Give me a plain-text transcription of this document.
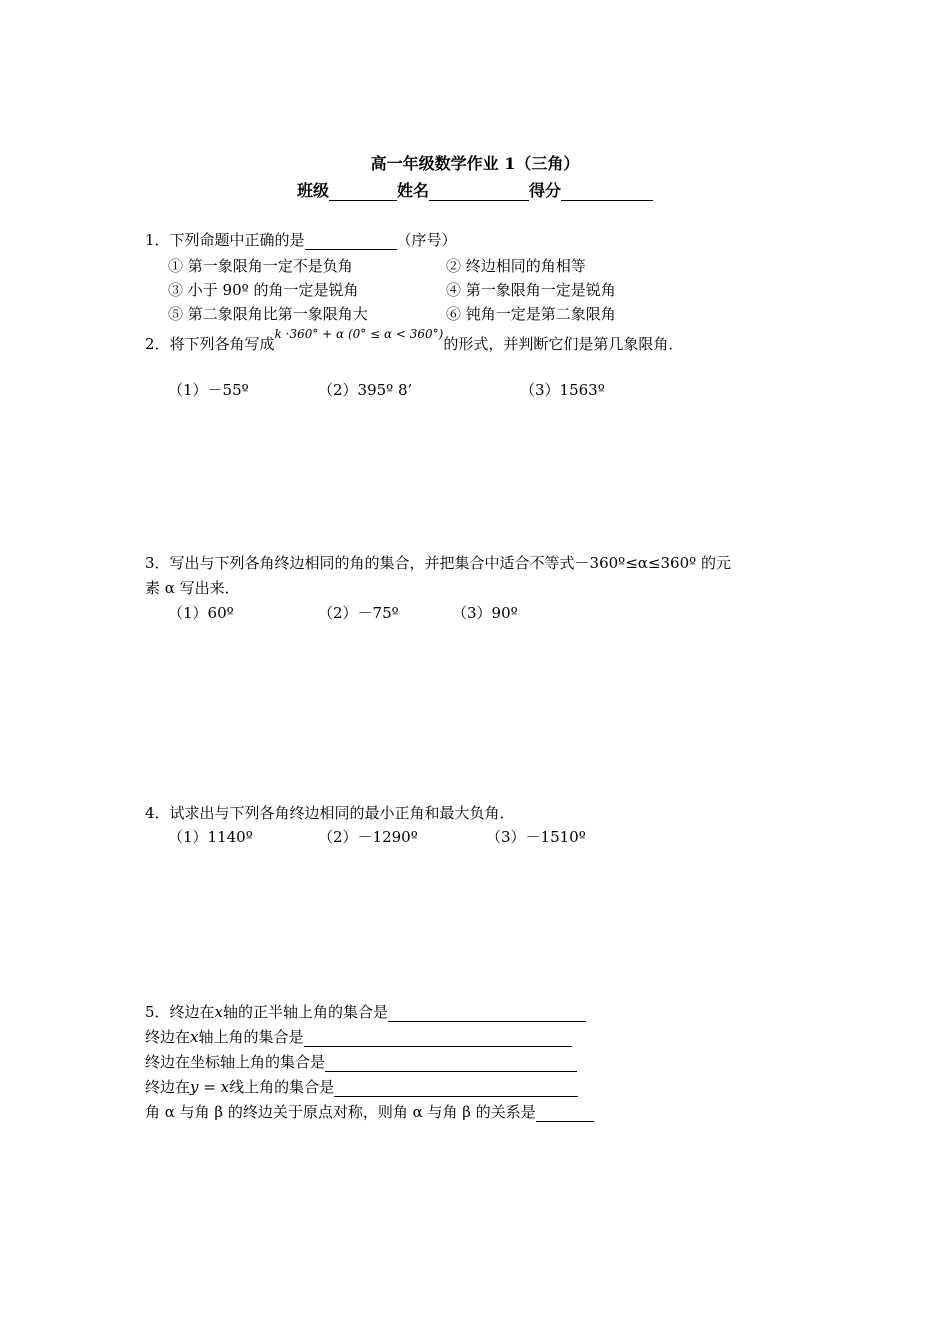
高一年级数学作业 1（三角）
班级	姓名	得分
1．下列命题中正确的是	（序号）
① 第一象限角一定不是负角	② 终边相同的角相等
③ 小于 90º 的角一定是锐角	④ 第一象限角一定是锐角
⑤ 第二象限角比第一象限角大	⑥ 钝角一定是第二象限角
2．将下列各角写成k ·360° + α (0° ≤ α < 360°)的形式，并判断它们是第几象限角．
（1）－55º	（2）395º 8’	（3）1563º
3．写出与下列各角终边相同的角的集合，并把集合中适合不等式－360º≤α≤360º 的元
素 α 写出来．
（1）60º	（2）－75º	（3）90º
4．试求出与下列各角终边相同的最小正角和最大负角．
（1）1140º	（2）－1290º	（3）－1510º
5．终边在x轴的正半轴上角的集合是
终边在x轴上角的集合是
终边在坐标轴上角的集合是
终边在y = x线上角的集合是
角 α 与角 β 的终边关于原点对称，则角 α 与角 β 的关系是
